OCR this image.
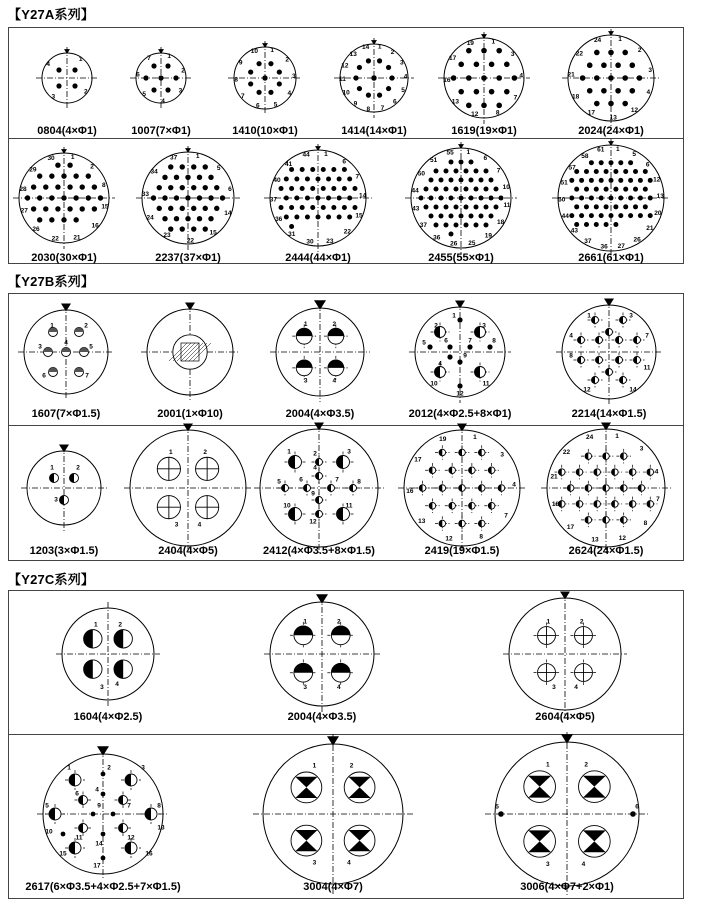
【Y27A系列】
【Y27B系列】
【Y27C系列】
1
2
3
4
1
2
3
4
5
6
7
1
2
3
4
5
6
7
8
9
10
1
2
3
4
5
6
7
8
9
10
11
12
13
14
1
3
4
7
8
12
13
16
17
19
1
2
3
4
12
13
17
18
21
22
24
1
2
8
15
16
21
22
26
27
28
29
30	1
5
6
14
15
22
23
24
33
34
37
1
6
7
14
15
22
23
30
31
36
37
40
41
44	1
6
7
10
11
18
19
25
26
36
37
43
44
50
51
55
1
5
6
12
13
20
21
26
27
36
37
43
44
50
51
57
58
61
1	2
3
4
5
6	7
1	2
3	4
1
2	3
4
5	6	7	8
9
10	11
12
1	3
4	7
8
11
12	14
1	2
3
1	2
3	4
1	2	3
4
5	6	7	8
9
10	11
12
1
3
4
7
8
12
13
16
17
19	1
3
4
7
8
12
13
17
18
21
22
24
1	2
3 4
1	2
3	4
1	2
3	4
1	2	3
4
5
6
7	8
9
10
11	12
13
14
15	16
17
1	2
3	4
1	2
3	4
5	6
0804(4×Φ1)	1007(7×Φ1)	1410(10×Φ1)	1414(14×Φ1)	1619(19×Φ1)	2024(24×Φ1)
2030(30×Φ1)	2237(37×Φ1)	2444(44×Φ1)	2455(55×Φ1)	2661(61×Φ1)
1607(7×Φ1.5)	2001(1×Φ10)	2004(4×Φ3.5)	2012(4×Φ2.5+8×Φ1)	2214(14×Φ1.5)
1203(3×Φ1.5)	2404(4×Φ5)	2412(4×Φ3.5+8×Φ1.5)	2419(19×Φ1.5)	2624(24×Φ1.5)
1604(4×Φ2.5)	2004(4×Φ3.5)	2604(4×Φ5)
2617(6×Φ3.5+4×Φ2.5+7×Φ1.5)	3004(4×Φ7)	3006(4×Φ7+2×Φ1)
